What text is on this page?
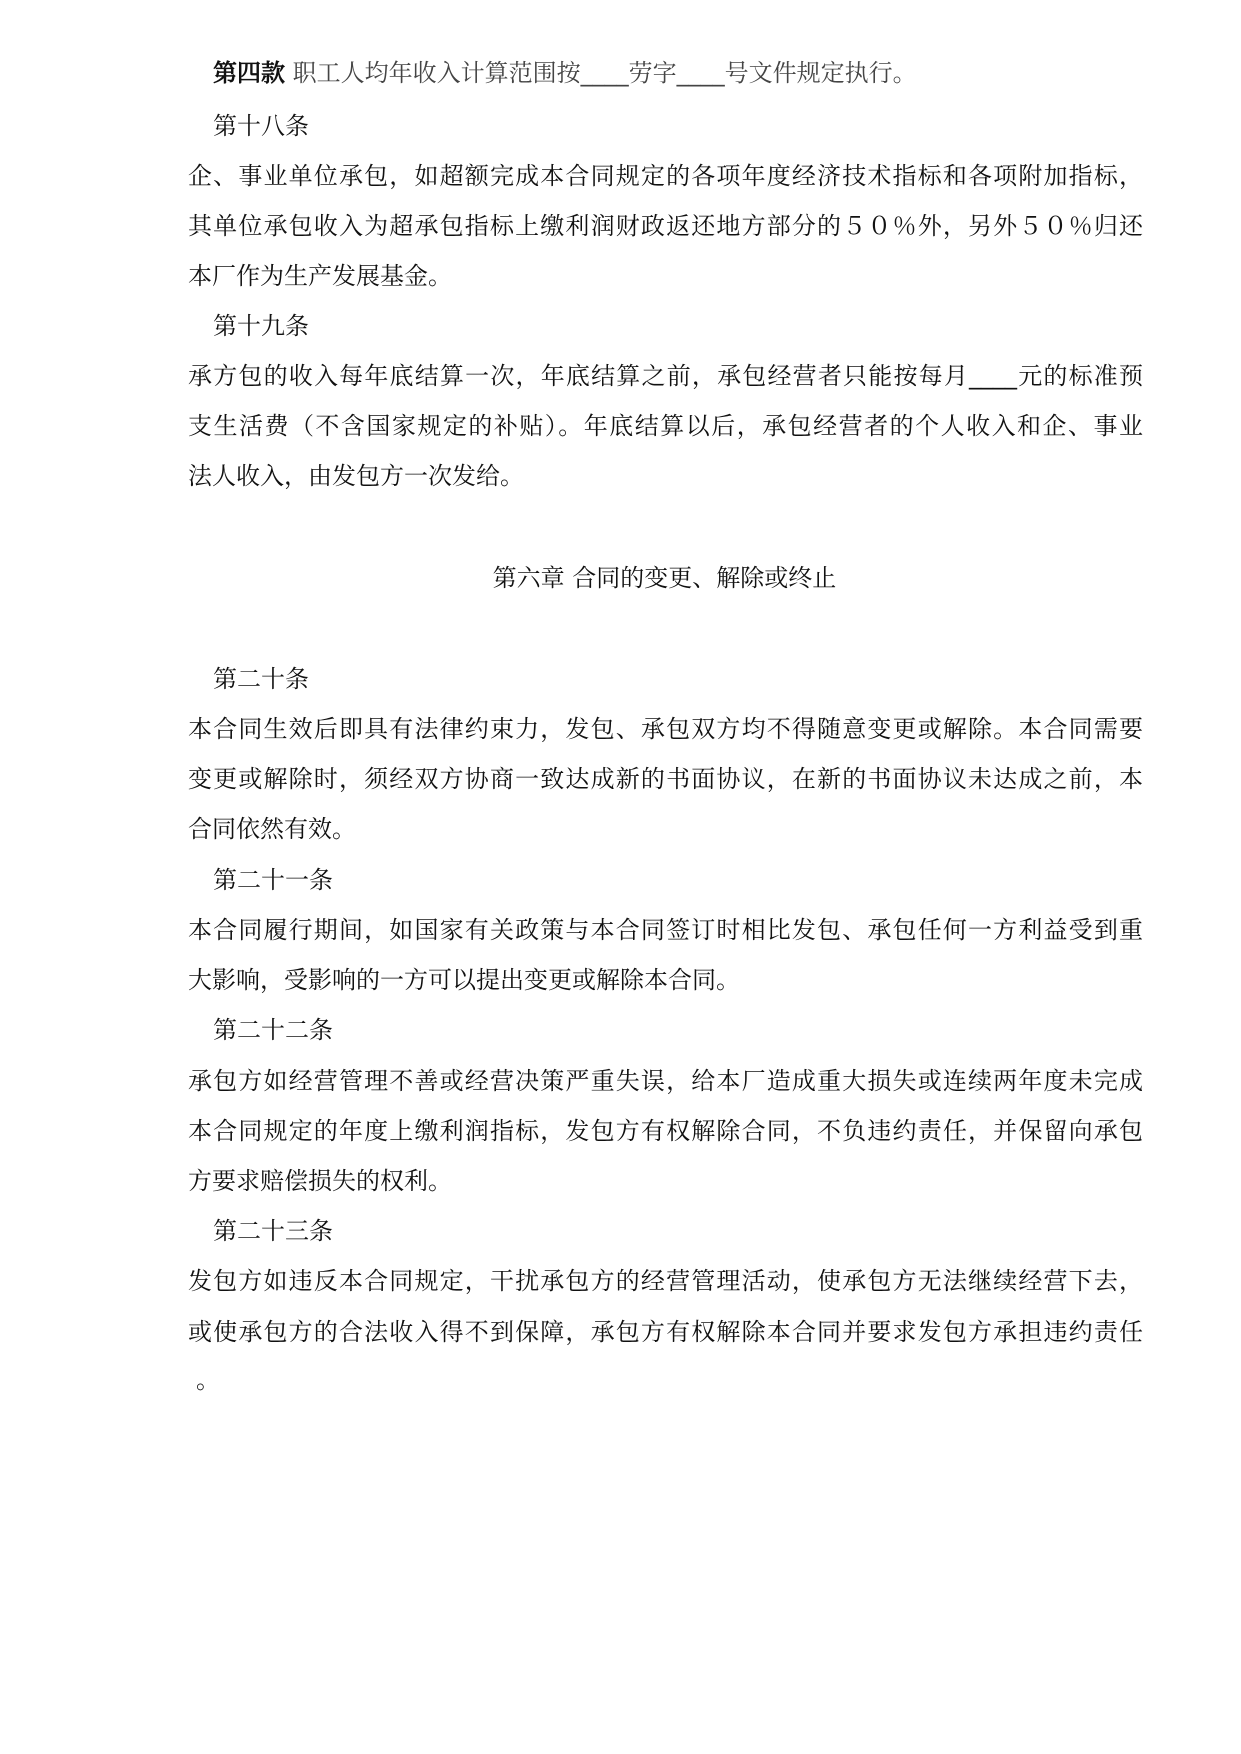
第四款 职工人均年收入计算范围按____劳字____号文件规定执行。
第十八条
企、事业单位承包，如超额完成本合同规定的各项年度经济技术指标和各项附加指标，
其单位承包收入为超承包指标上缴利润财政返还地方部分的５０％外，另外５０％归还
本厂作为生产发展基金。
第十九条
承方包的收入每年底结算一次，年底结算之前，承包经营者只能按每月____元的标准预
支生活费（不含国家规定的补贴）。年底结算以后，承包经营者的个人收入和企、事业
法人收入，由发包方一次发给。
第六章 合同的变更、解除或终止
第二十条
本合同生效后即具有法律约束力，发包、承包双方均不得随意变更或解除。本合同需要
变更或解除时，须经双方协商一致达成新的书面协议，在新的书面协议未达成之前，本
合同依然有效。
第二十一条
本合同履行期间，如国家有关政策与本合同签订时相比发包、承包任何一方利益受到重
大影响，受影响的一方可以提出变更或解除本合同。
第二十二条
承包方如经营管理不善或经营决策严重失误，给本厂造成重大损失或连续两年度未完成
本合同规定的年度上缴利润指标，发包方有权解除合同，不负违约责任，并保留向承包
方要求赔偿损失的权利。
第二十三条
发包方如违反本合同规定，干扰承包方的经营管理活动，使承包方无法继续经营下去，
或使承包方的合法收入得不到保障，承包方有权解除本合同并要求发包方承担违约责任
。
